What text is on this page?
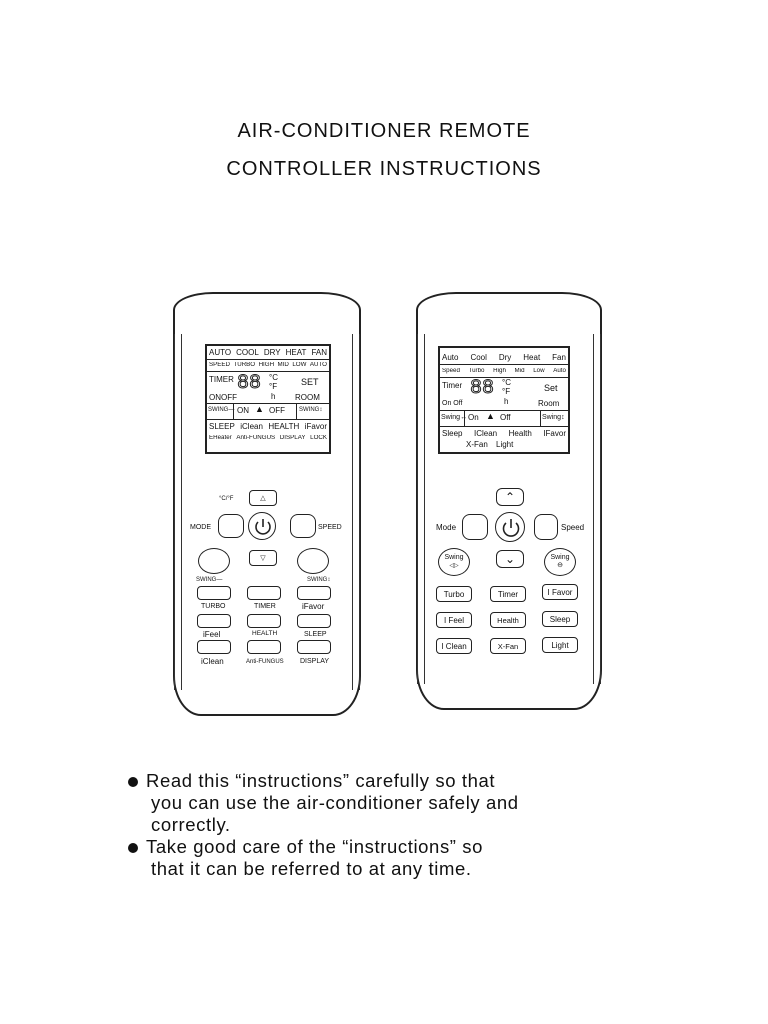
AIR-CONDITIONER REMOTE
CONTROLLER INSTRUCTIONS
AUTO COOL DRY HEAT FAN
SPEED TURBO HIGH MID LOW AUTO
TIMER
ONOFF
88 °C
°F
h
SET
ROOM
SWING— ON ▲ OFF SWING↕
SLEEP iClean HEALTH iFavor
EHeater Anti-FUNGUS DISPLAY LOCK
°C/°F	△
MODE	SPEED
▽
SWING—	SWING↕
TURBO	TIMER	iFavor
iFeel	HEALTH	SLEEP
iClean	Anti-FUNGUS DISPLAY
Auto Cool Dry Heat Fan
Speed Turbo High Mid Low Auto
Timer
On Off
88 °C
°F
h
Set
Room
Swing↔ On ▲ Off	Swing↕
Sleep IClean Health IFavor
X-Fan Light
⌃
Mode	Speed
Swing
◁▷	⌄	Swing
⊖
Turbo	Timer	I Favor
I Feel	Health	Sleep
I Clean	X-Fan	Light

Read this “instructions” carefully so that

you can use the air-conditioner safely and

correctly.

Take good care of the “instructions” so

that it can be referred to at any time.
